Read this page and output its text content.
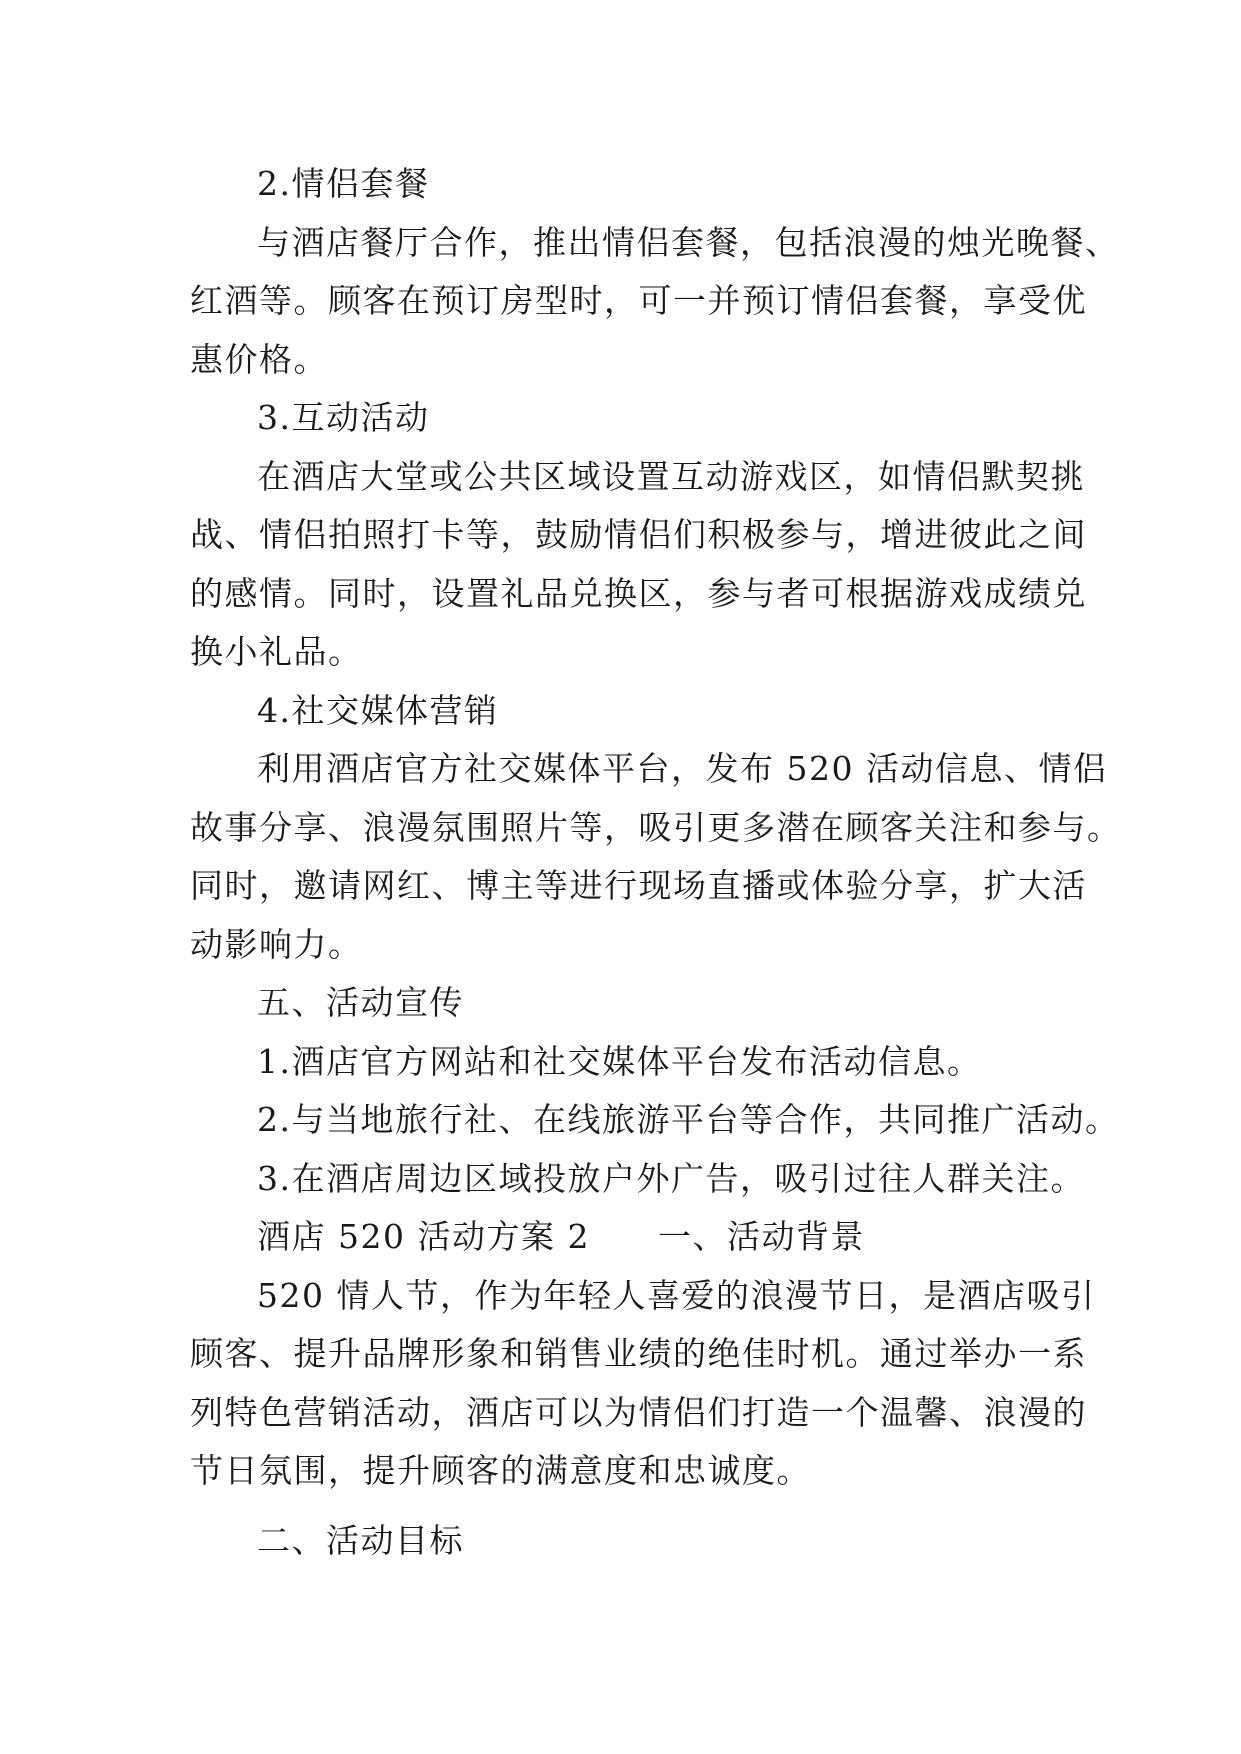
2.情侣套餐
与酒店餐厅合作，推出情侣套餐，包括浪漫的烛光晚餐、
红酒等。顾客在预订房型时，可一并预订情侣套餐，享受优
惠价格。
3.互动活动
在酒店大堂或公共区域设置互动游戏区，如情侣默契挑
战、情侣拍照打卡等，鼓励情侣们积极参与，增进彼此之间
的感情。同时，设置礼品兑换区，参与者可根据游戏成绩兑
换小礼品。
4.社交媒体营销
利用酒店官方社交媒体平台，发布 520 活动信息、情侣
故事分享、浪漫氛围照片等，吸引更多潜在顾客关注和参与。
同时，邀请网红、博主等进行现场直播或体验分享，扩大活
动影响力。
五、活动宣传
1.酒店官方网站和社交媒体平台发布活动信息。
2.与当地旅行社、在线旅游平台等合作，共同推广活动。
3.在酒店周边区域投放户外广告，吸引过往人群关注。
酒店 520 活动方案 2 一、活动背景
520 情人节，作为年轻人喜爱的浪漫节日，是酒店吸引
顾客、提升品牌形象和销售业绩的绝佳时机。通过举办一系
列特色营销活动，酒店可以为情侣们打造一个温馨、浪漫的
节日氛围，提升顾客的满意度和忠诚度。
二、活动目标
